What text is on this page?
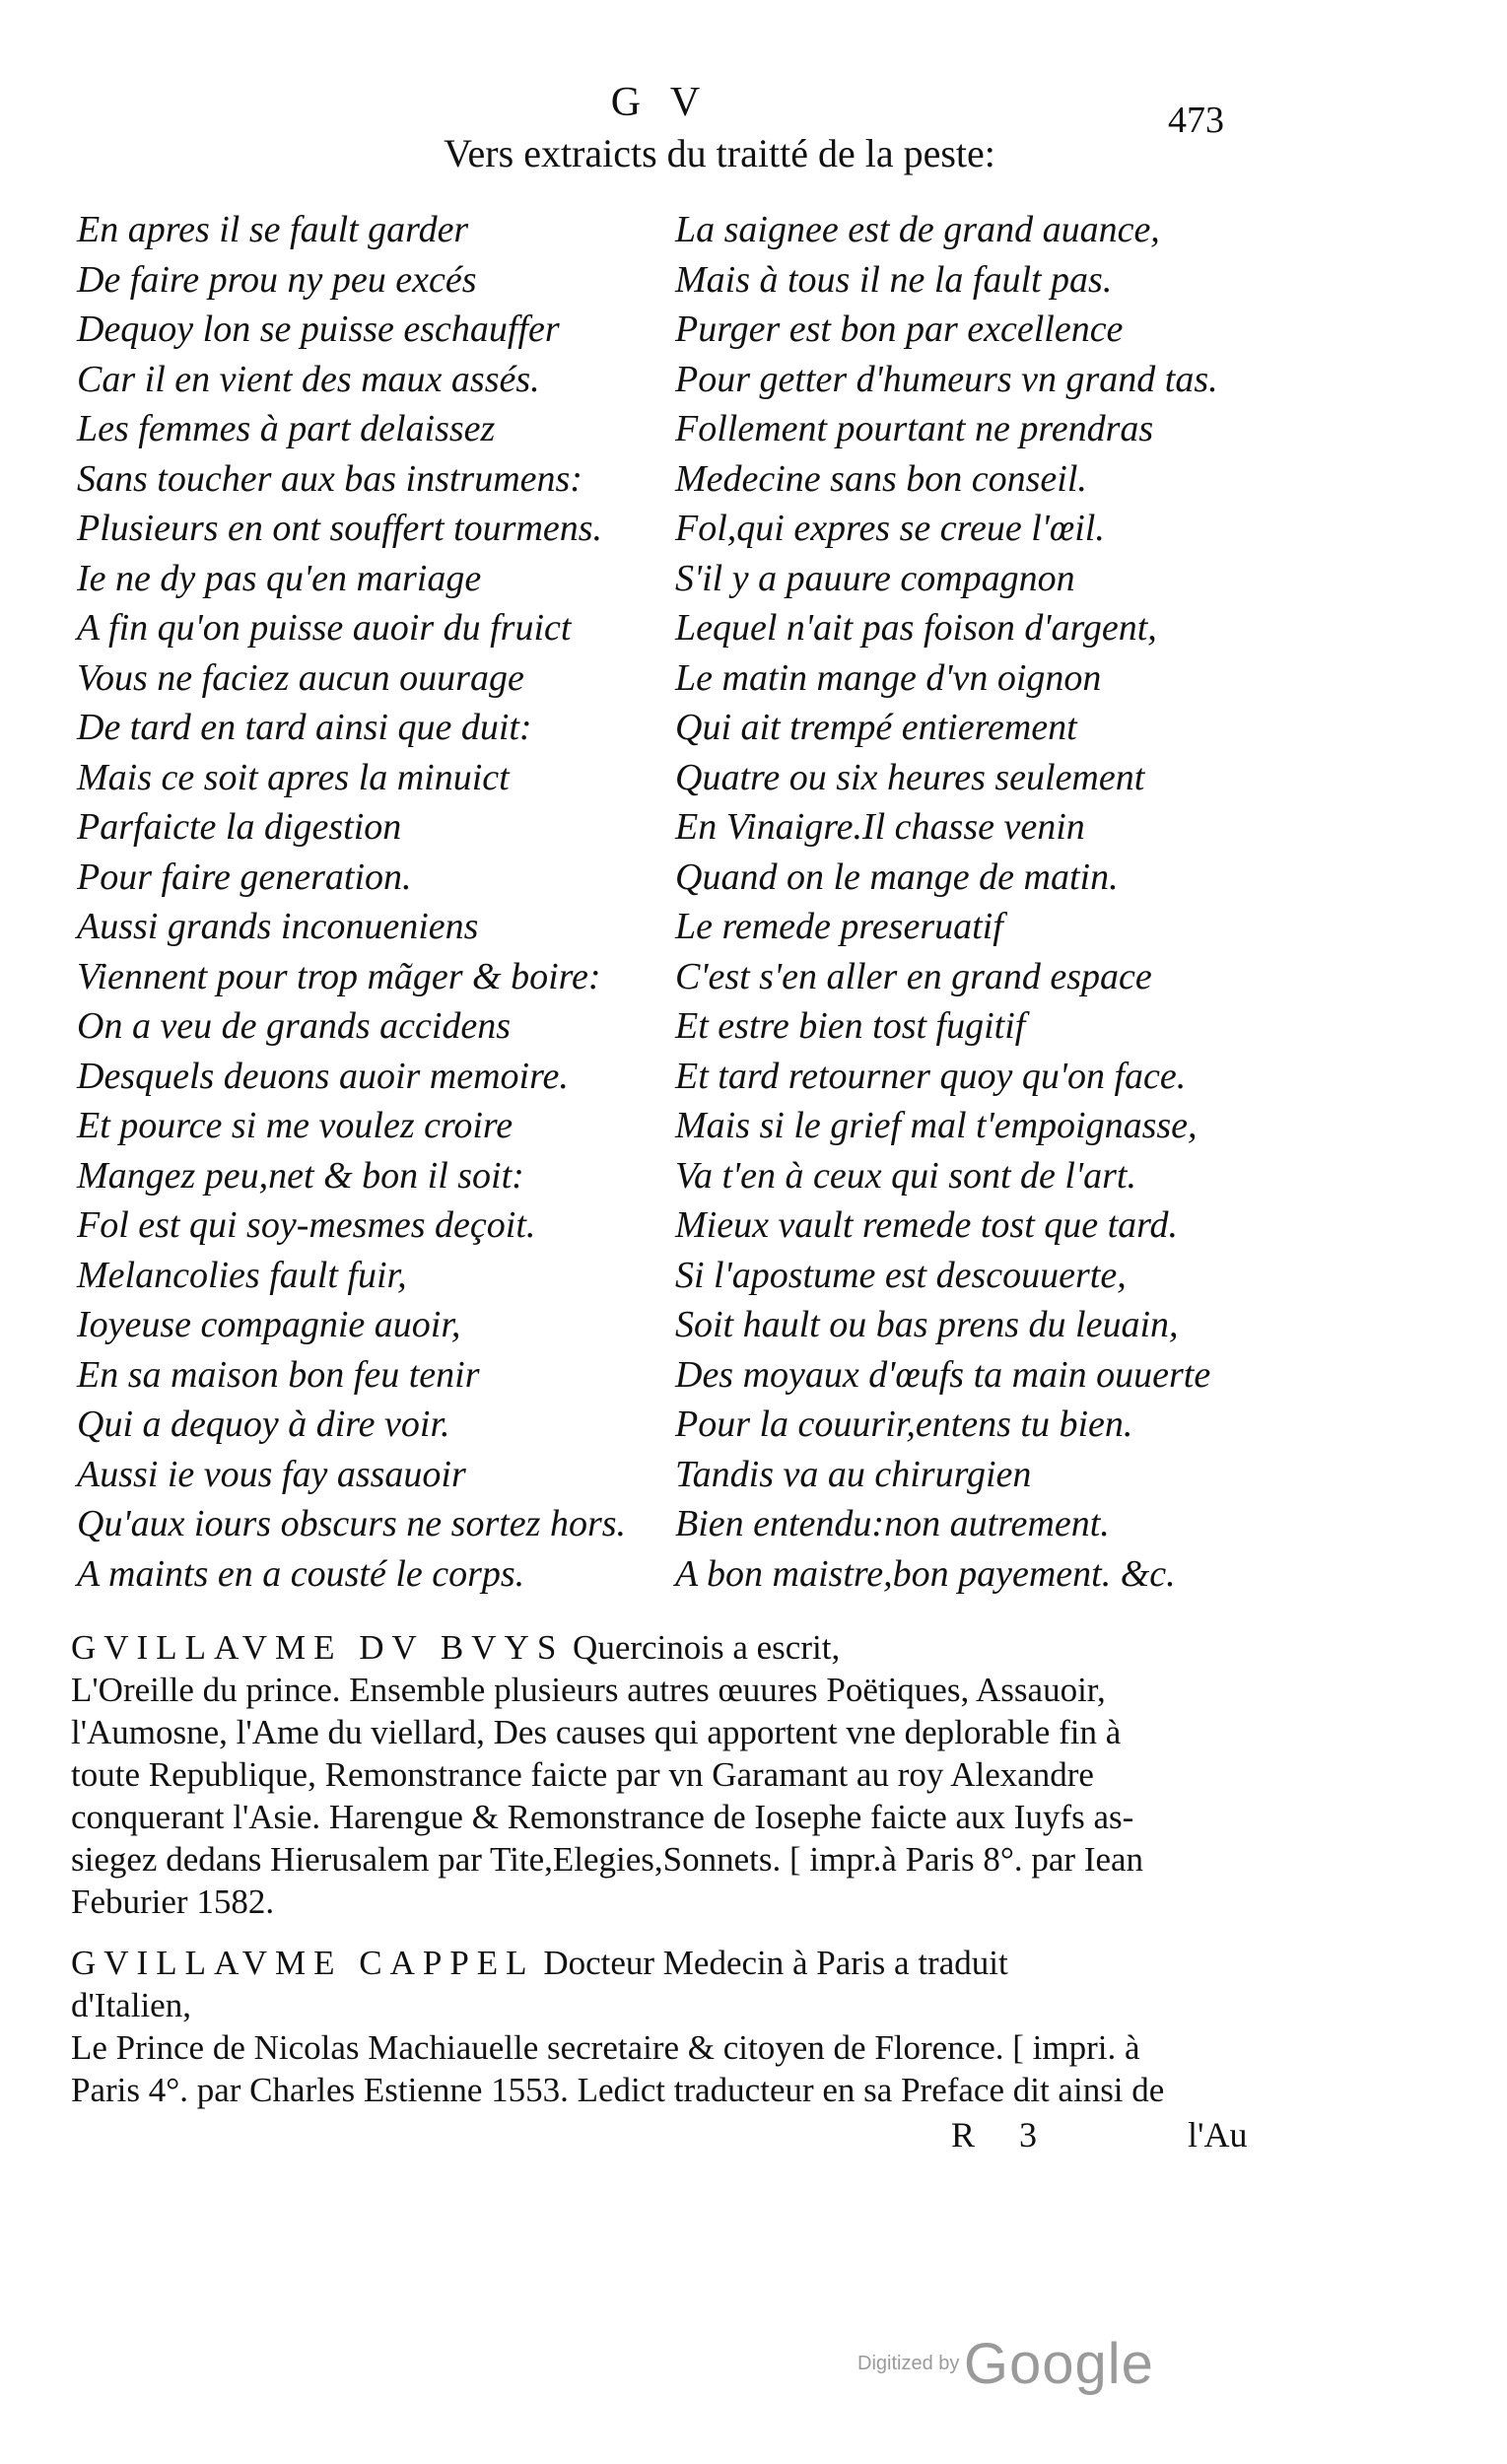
G V	473
Vers extraicts du traitté de la peste:
En apres il se fault garder
De faire prou ny peu excés
Dequoy lon se puisse eschauffer
Car il en vient des maux assés.
Les femmes à part delaissez
Sans toucher aux bas instrumens:
Plusieurs en ont souffert tourmens.
Ie ne dy pas qu'en mariage
A fin qu'on puisse auoir du fruict
Vous ne faciez aucun ouurage
De tard en tard ainsi que duit:
Mais ce soit apres la minuict
Parfaicte la digestion
Pour faire generation.
Aussi grands inconueniens
Viennent pour trop mãger & boire:
On a veu de grands accidens
Desquels deuons auoir memoire.
Et pource si me voulez croire
Mangez peu,net & bon il soit:
Fol est qui soy-mesmes deçoit.
Melancolies fault fuir,
Ioyeuse compagnie auoir,
En sa maison bon feu tenir
Qui a dequoy à dire voir.
Aussi ie vous fay assauoir
Qu'aux iours obscurs ne sortez hors.
A maints en a cousté le corps.
La saignee est de grand auance,
Mais à tous il ne la fault pas.
Purger est bon par excellence
Pour getter d'humeurs vn grand tas.
Follement pourtant ne prendras
Medecine sans bon conseil.
Fol,qui expres se creue l'œil.
S'il y a pauure compagnon
Lequel n'ait pas foison d'argent,
Le matin mange d'vn oignon
Qui ait trempé entierement
Quatre ou six heures seulement
En Vinaigre.Il chasse venin
Quand on le mange de matin.
Le remede preseruatif
C'est s'en aller en grand espace
Et estre bien tost fugitif
Et tard retourner quoy qu'on face.
Mais si le grief mal t'empoignasse,
Va t'en à ceux qui sont de l'art.
Mieux vault remede tost que tard.
Si l'apostume est descouuerte,
Soit hault ou bas prens du leuain,
Des moyaux d'œufs ta main ouuerte
Pour la couurir,entens tu bien.
Tandis va au chirurgien
Bien entendu:non autrement.
A bon maistre,bon payement. &c.

GVILLAVME DV BVYS Quercinois a escrit,
L'Oreille du prince. Ensemble plusieurs autres œuures Poëtiques, Assauoir,
l'Aumosne, l'Ame du viellard, Des causes qui apportent vne deplorable fin à
toute Republique, Remonstrance faicte par vn Garamant au roy Alexandre
conquerant l'Asie. Harengue & Remonstrance de Iosephe faicte aux Iuyfs as-
siegez dedans Hierusalem par Tite,Elegies,Sonnets. [ impr.à Paris 8°. par Iean
Feburier 1582.

GVILLAVME CAPPEL Docteur Medecin à Paris a traduit
d'Italien,
Le Prince de Nicolas Machiauelle secretaire & citoyen de Florence. [ impri. à
Paris 4°. par Charles Estienne 1553. Ledict traducteur en sa Preface dit ainsi de

R 3	l'Au
Digitized by Google
